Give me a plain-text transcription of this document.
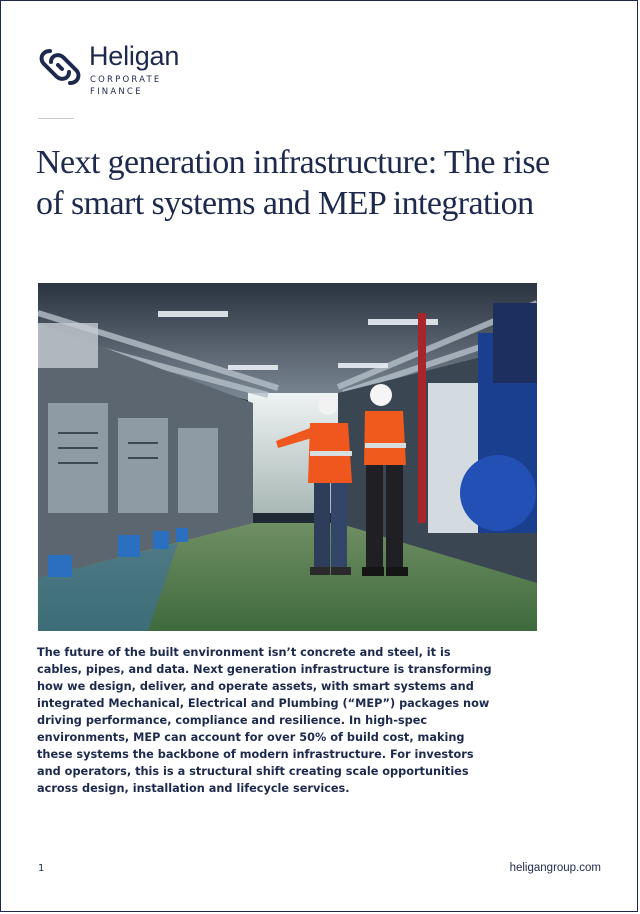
Heligan
CORPORATE
FINANCE
Next generation infrastructure: The rise of smart systems and MEP integration

The future of the built environment isn’t concrete and steel, it is cables, pipes, and data. Next generation infrastructure is transforming how we design, deliver, and operate assets, with smart systems and integrated Mechanical, Electrical and Plumbing (“MEP”) packages now driving performance, compliance and resilience. In high-spec environments, MEP can account for over 50% of build cost, making these systems the backbone of modern infrastructure. For investors and operators, this is a structural shift creating scale opportunities across design, installation and lifecycle services.

1	heligangroup.com
